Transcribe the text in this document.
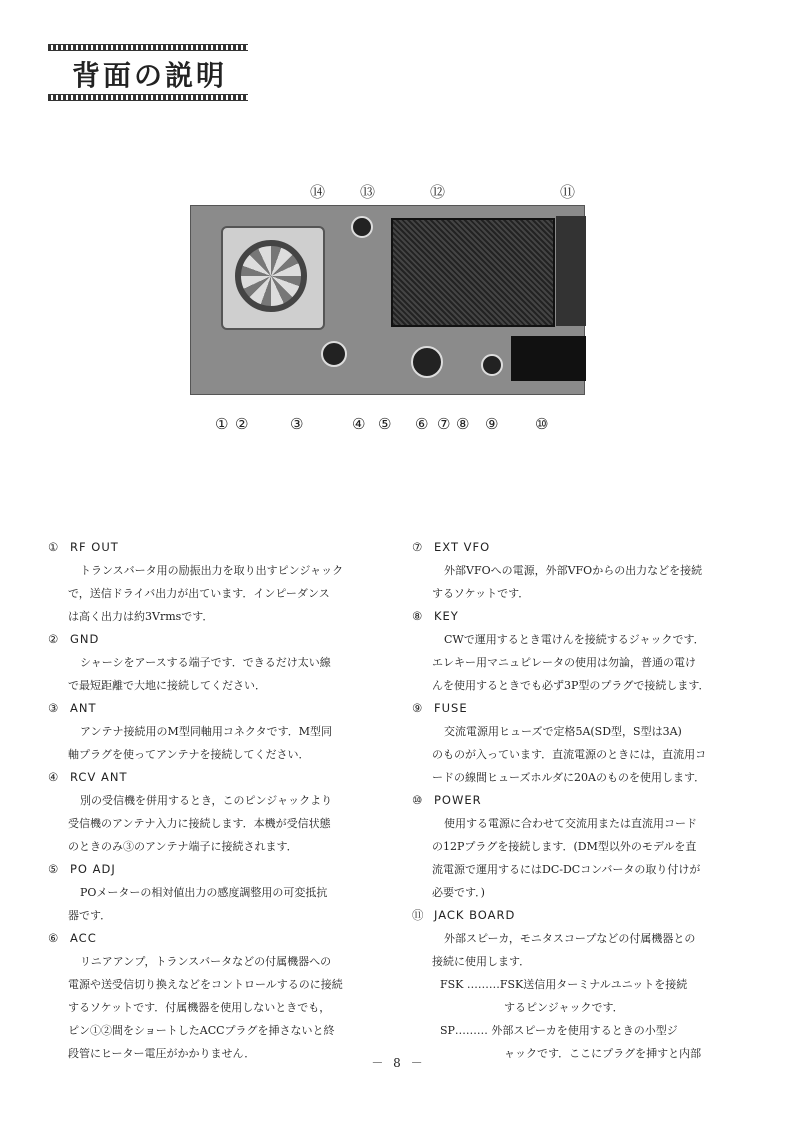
背面の説明
⑭ ⑬	⑫	⑪
① ②	③	④ ⑤ ⑥ ⑦ ⑧ ⑨ ⑩
① RF OUT
トランスバータ用の励振出力を取り出すピンジャック
で，送信ドライバ出力が出ています．インピーダンス
は高く出力は約3Vrmsです．
② GND
シャーシをアースする端子です．できるだけ太い線
で最短距離で大地に接続してください．
③ ANT
アンテナ接続用のM型同軸用コネクタです．M型同
軸プラグを使ってアンテナを接続してください．
④ RCV ANT
別の受信機を併用するとき，このピンジャックより
受信機のアンテナ入力に接続します．本機が受信状態
のときのみ③のアンテナ端子に接続されます．
⑤ PO ADJ
POメーターの相対値出力の感度調整用の可変抵抗
器です．
⑥ ACC
リニアアンプ，トランスバータなどの付属機器への
電源や送受信切り換えなどをコントロールするのに接続
するソケットです．付属機器を使用しないときでも，
ピン①②間をショートしたACCプラグを挿さないと終
段管にヒーター電圧がかかりません．
⑦ EXT VFO
外部VFOへの電源，外部VFOからの出力などを接続
するソケットです．
⑧ KEY
CWで運用するとき電けんを接続するジャックです．
エレキー用マニュピレータの使用は勿論，普通の電け
んを使用するときでも必ず3P型のプラグで接続します．
⑨ FUSE
交流電源用ヒューズで定格5A(SD型，S型は3A)
のものが入っています．直流電源のときには，直流用コ
ードの線間ヒューズホルダに20Aのものを使用します．
⑩ POWER
使用する電源に合わせて交流用または直流用コード
の12Pプラグを接続します．(DM型以外のモデルを直
流電源で運用するにはDC-DCコンバータの取り付けが
必要です．)
⑪ JACK BOARD
外部スピーカ，モニタスコープなどの付属機器との
接続に使用します．
FSK ………FSK送信用ターミナルユニットを接続
するピンジャックです．
SP……… 外部スピーカを使用するときの小型ジ
ャックです．ここにプラグを挿すと内部
－ 8 －
